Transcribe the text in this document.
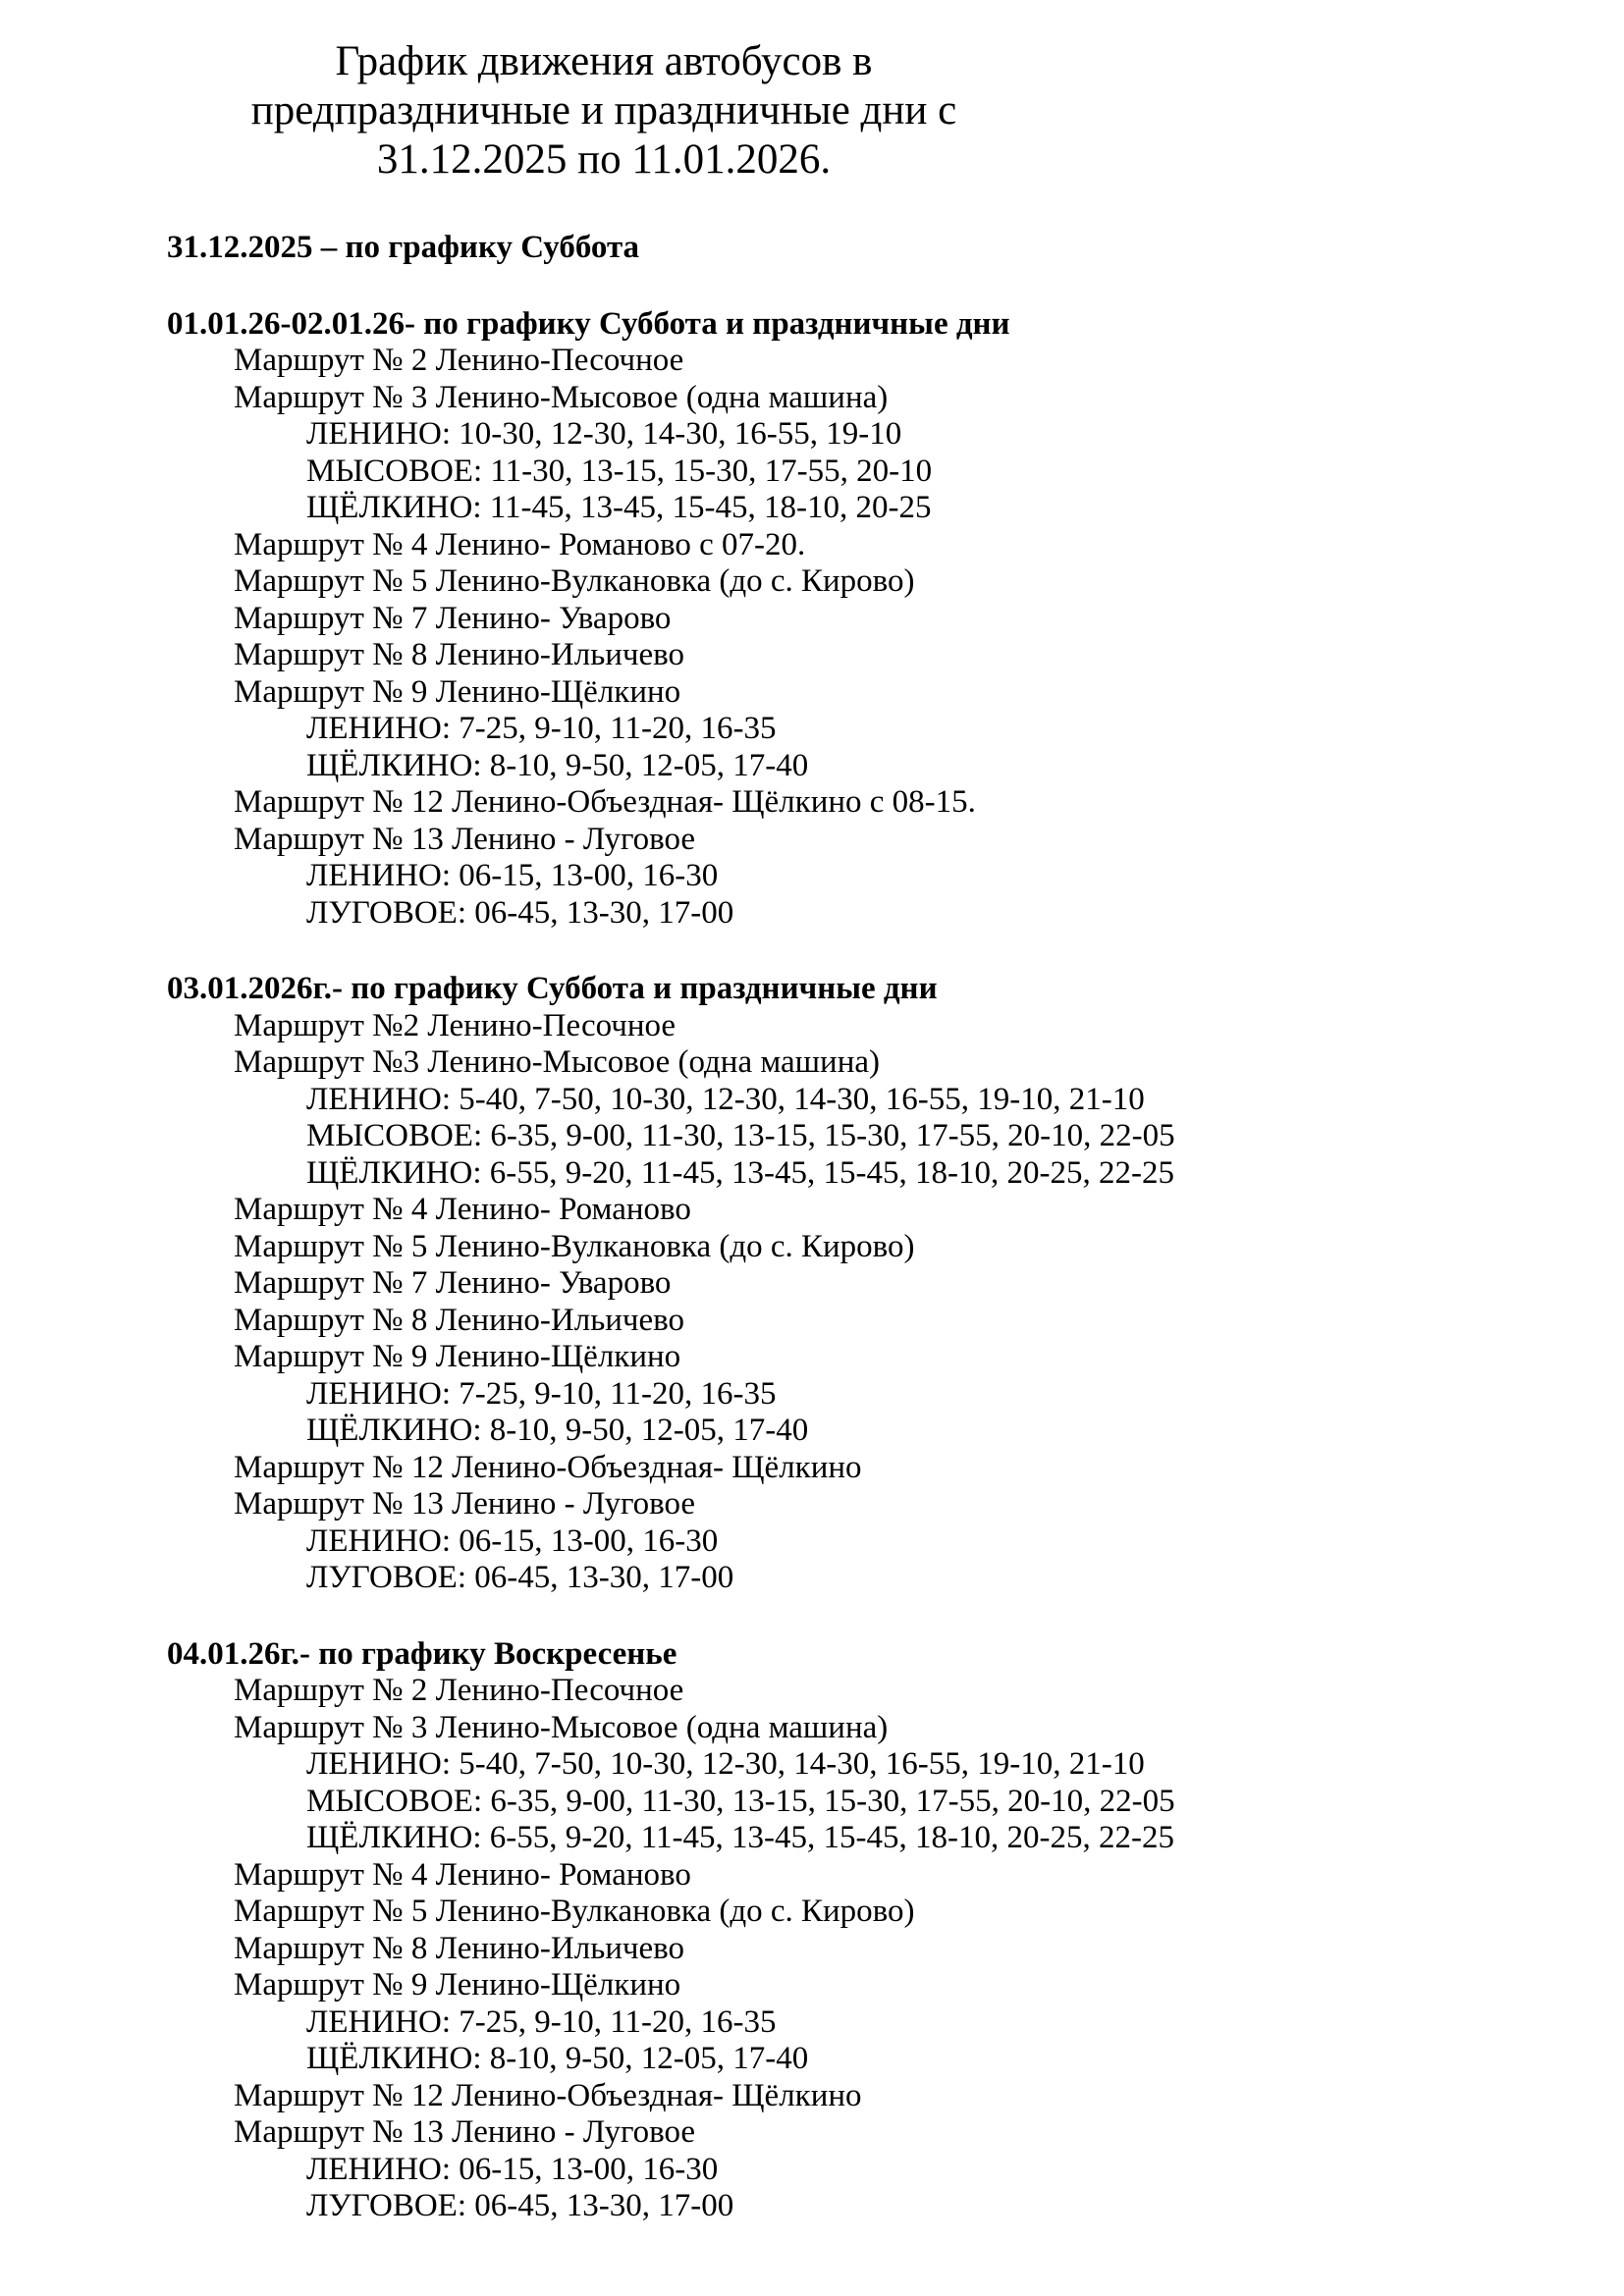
График движения автобусов в
предпраздничные и праздничные дни с 31.12.2025 по 11.01.2026.
31.12.2025 – по графику Суббота
01.01.26-02.01.26- по графику Суббота и праздничные дни
Маршрут № 2 Ленино-Песочное
Маршрут № 3 Ленино-Мысовое (одна машина)
ЛЕНИНО: 10-30, 12-30, 14-30, 16-55, 19-10
МЫСОВОЕ: 11-30, 13-15, 15-30, 17-55, 20-10
ЩЁЛКИНО: 11-45, 13-45, 15-45, 18-10, 20-25
Маршрут № 4 Ленино- Романово с 07-20.
Маршрут № 5 Ленино-Вулкановка (до с. Кирово)
Маршрут № 7 Ленино- Уварово
Маршрут № 8 Ленино-Ильичево
Маршрут № 9 Ленино-Щёлкино
ЛЕНИНО: 7-25, 9-10, 11-20, 16-35
ЩЁЛКИНО: 8-10, 9-50, 12-05, 17-40
Маршрут № 12 Ленино-Объездная- Щёлкино с 08-15.
Маршрут № 13 Ленино - Луговое
ЛЕНИНО: 06-15, 13-00, 16-30
ЛУГОВОЕ: 06-45, 13-30, 17-00
03.01.2026г.- по графику Суббота и праздничные дни
Маршрут №2 Ленино-Песочное
Маршрут №3 Ленино-Мысовое (одна машина)
ЛЕНИНО: 5-40, 7-50, 10-30, 12-30, 14-30, 16-55, 19-10, 21-10
МЫСОВОЕ: 6-35, 9-00, 11-30, 13-15, 15-30, 17-55, 20-10, 22-05
ЩЁЛКИНО: 6-55, 9-20, 11-45, 13-45, 15-45, 18-10, 20-25, 22-25
Маршрут № 4 Ленино- Романово
Маршрут № 5 Ленино-Вулкановка (до с. Кирово)
Маршрут № 7 Ленино- Уварово
Маршрут № 8 Ленино-Ильичево
Маршрут № 9 Ленино-Щёлкино
ЛЕНИНО: 7-25, 9-10, 11-20, 16-35
ЩЁЛКИНО: 8-10, 9-50, 12-05, 17-40
Маршрут № 12 Ленино-Объездная- Щёлкино
Маршрут № 13 Ленино - Луговое
ЛЕНИНО: 06-15, 13-00, 16-30
ЛУГОВОЕ: 06-45, 13-30, 17-00
04.01.26г.- по графику Воскресенье
Маршрут № 2 Ленино-Песочное
Маршрут № 3 Ленино-Мысовое (одна машина)
ЛЕНИНО: 5-40, 7-50, 10-30, 12-30, 14-30, 16-55, 19-10, 21-10
МЫСОВОЕ: 6-35, 9-00, 11-30, 13-15, 15-30, 17-55, 20-10, 22-05
ЩЁЛКИНО: 6-55, 9-20, 11-45, 13-45, 15-45, 18-10, 20-25, 22-25
Маршрут № 4 Ленино- Романово
Маршрут № 5 Ленино-Вулкановка (до с. Кирово)
Маршрут № 8 Ленино-Ильичево
Маршрут № 9 Ленино-Щёлкино
ЛЕНИНО: 7-25, 9-10, 11-20, 16-35
ЩЁЛКИНО: 8-10, 9-50, 12-05, 17-40
Маршрут № 12 Ленино-Объездная- Щёлкино
Маршрут № 13 Ленино - Луговое
ЛЕНИНО: 06-15, 13-00, 16-30
ЛУГОВОЕ: 06-45, 13-30, 17-00
